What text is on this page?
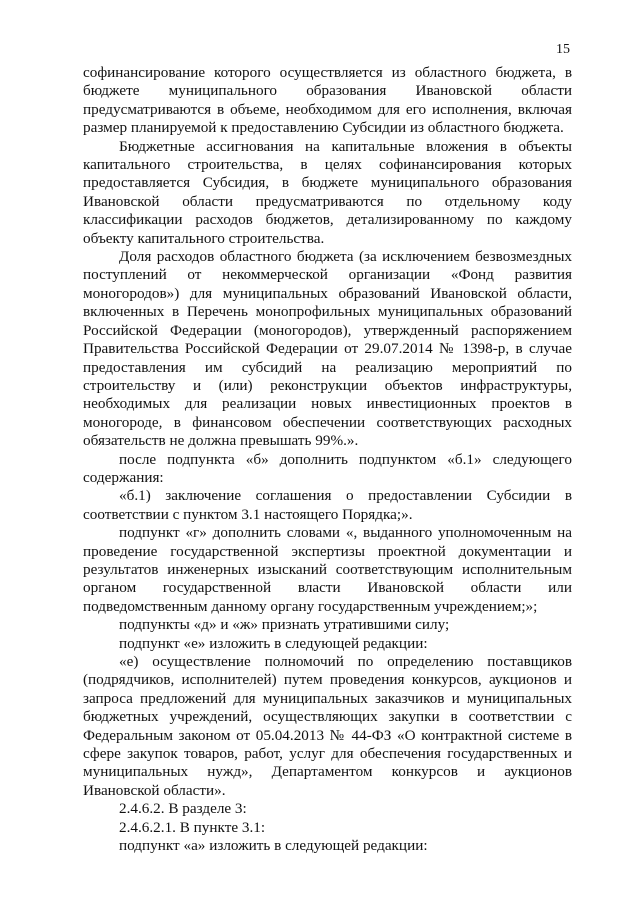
15

софинансирование которого осуществляется из областного бюджета, в бюджете муниципального образования Ивановской области предусматриваются в объеме, необходимом для его исполнения, включая размер планируемой к предоставлению Субсидии из областного бюджета.

Бюджетные ассигнования на капитальные вложения в объекты капитального строительства, в целях софинансирования которых предоставляется Субсидия, в бюджете муниципального образования Ивановской области предусматриваются по отдельному коду классификации расходов бюджетов, детализированному по каждому объекту капитального строительства.

Доля расходов областного бюджета (за исключением безвозмездных поступлений от некоммерческой организации «Фонд развития моногородов») для муниципальных образований Ивановской области, включенных в Перечень монопрофильных муниципальных образований Российской Федерации (моногородов), утвержденный распоряжением Правительства Российской Федерации от 29.07.2014 № 1398-р, в случае предоставления им субсидий на реализацию мероприятий по строительству и (или) реконструкции объектов инфраструктуры, необходимых для реализации новых инвестиционных проектов в моногороде, в финансовом обеспечении соответствующих расходных обязательств не должна превышать 99%.».

после подпункта «б» дополнить подпунктом «б.1» следующего содержания:

«б.1) заключение соглашения о предоставлении Субсидии в соответствии с пунктом 3.1 настоящего Порядка;».

подпункт «г» дополнить словами «, выданного уполномоченным на проведение государственной экспертизы проектной документации и результатов инженерных изысканий соответствующим исполнительным органом государственной власти Ивановской области или подведомственным данному органу государственным учреждением;»;

подпункты «д» и «ж» признать утратившими силу;

подпункт «е» изложить в следующей редакции:

«е) осуществление полномочий по определению поставщиков (подрядчиков, исполнителей) путем проведения конкурсов, аукционов и запроса предложений для муниципальных заказчиков и муниципальных бюджетных учреждений, осуществляющих закупки в соответствии с Федеральным законом от 05.04.2013 № 44-ФЗ «О контрактной системе в сфере закупок товаров, работ, услуг для обеспечения государственных и муниципальных нужд», Департаментом конкурсов и аукционов Ивановской области».

2.4.6.2. В разделе 3:

2.4.6.2.1. В пункте 3.1:

подпункт «а» изложить в следующей редакции:
